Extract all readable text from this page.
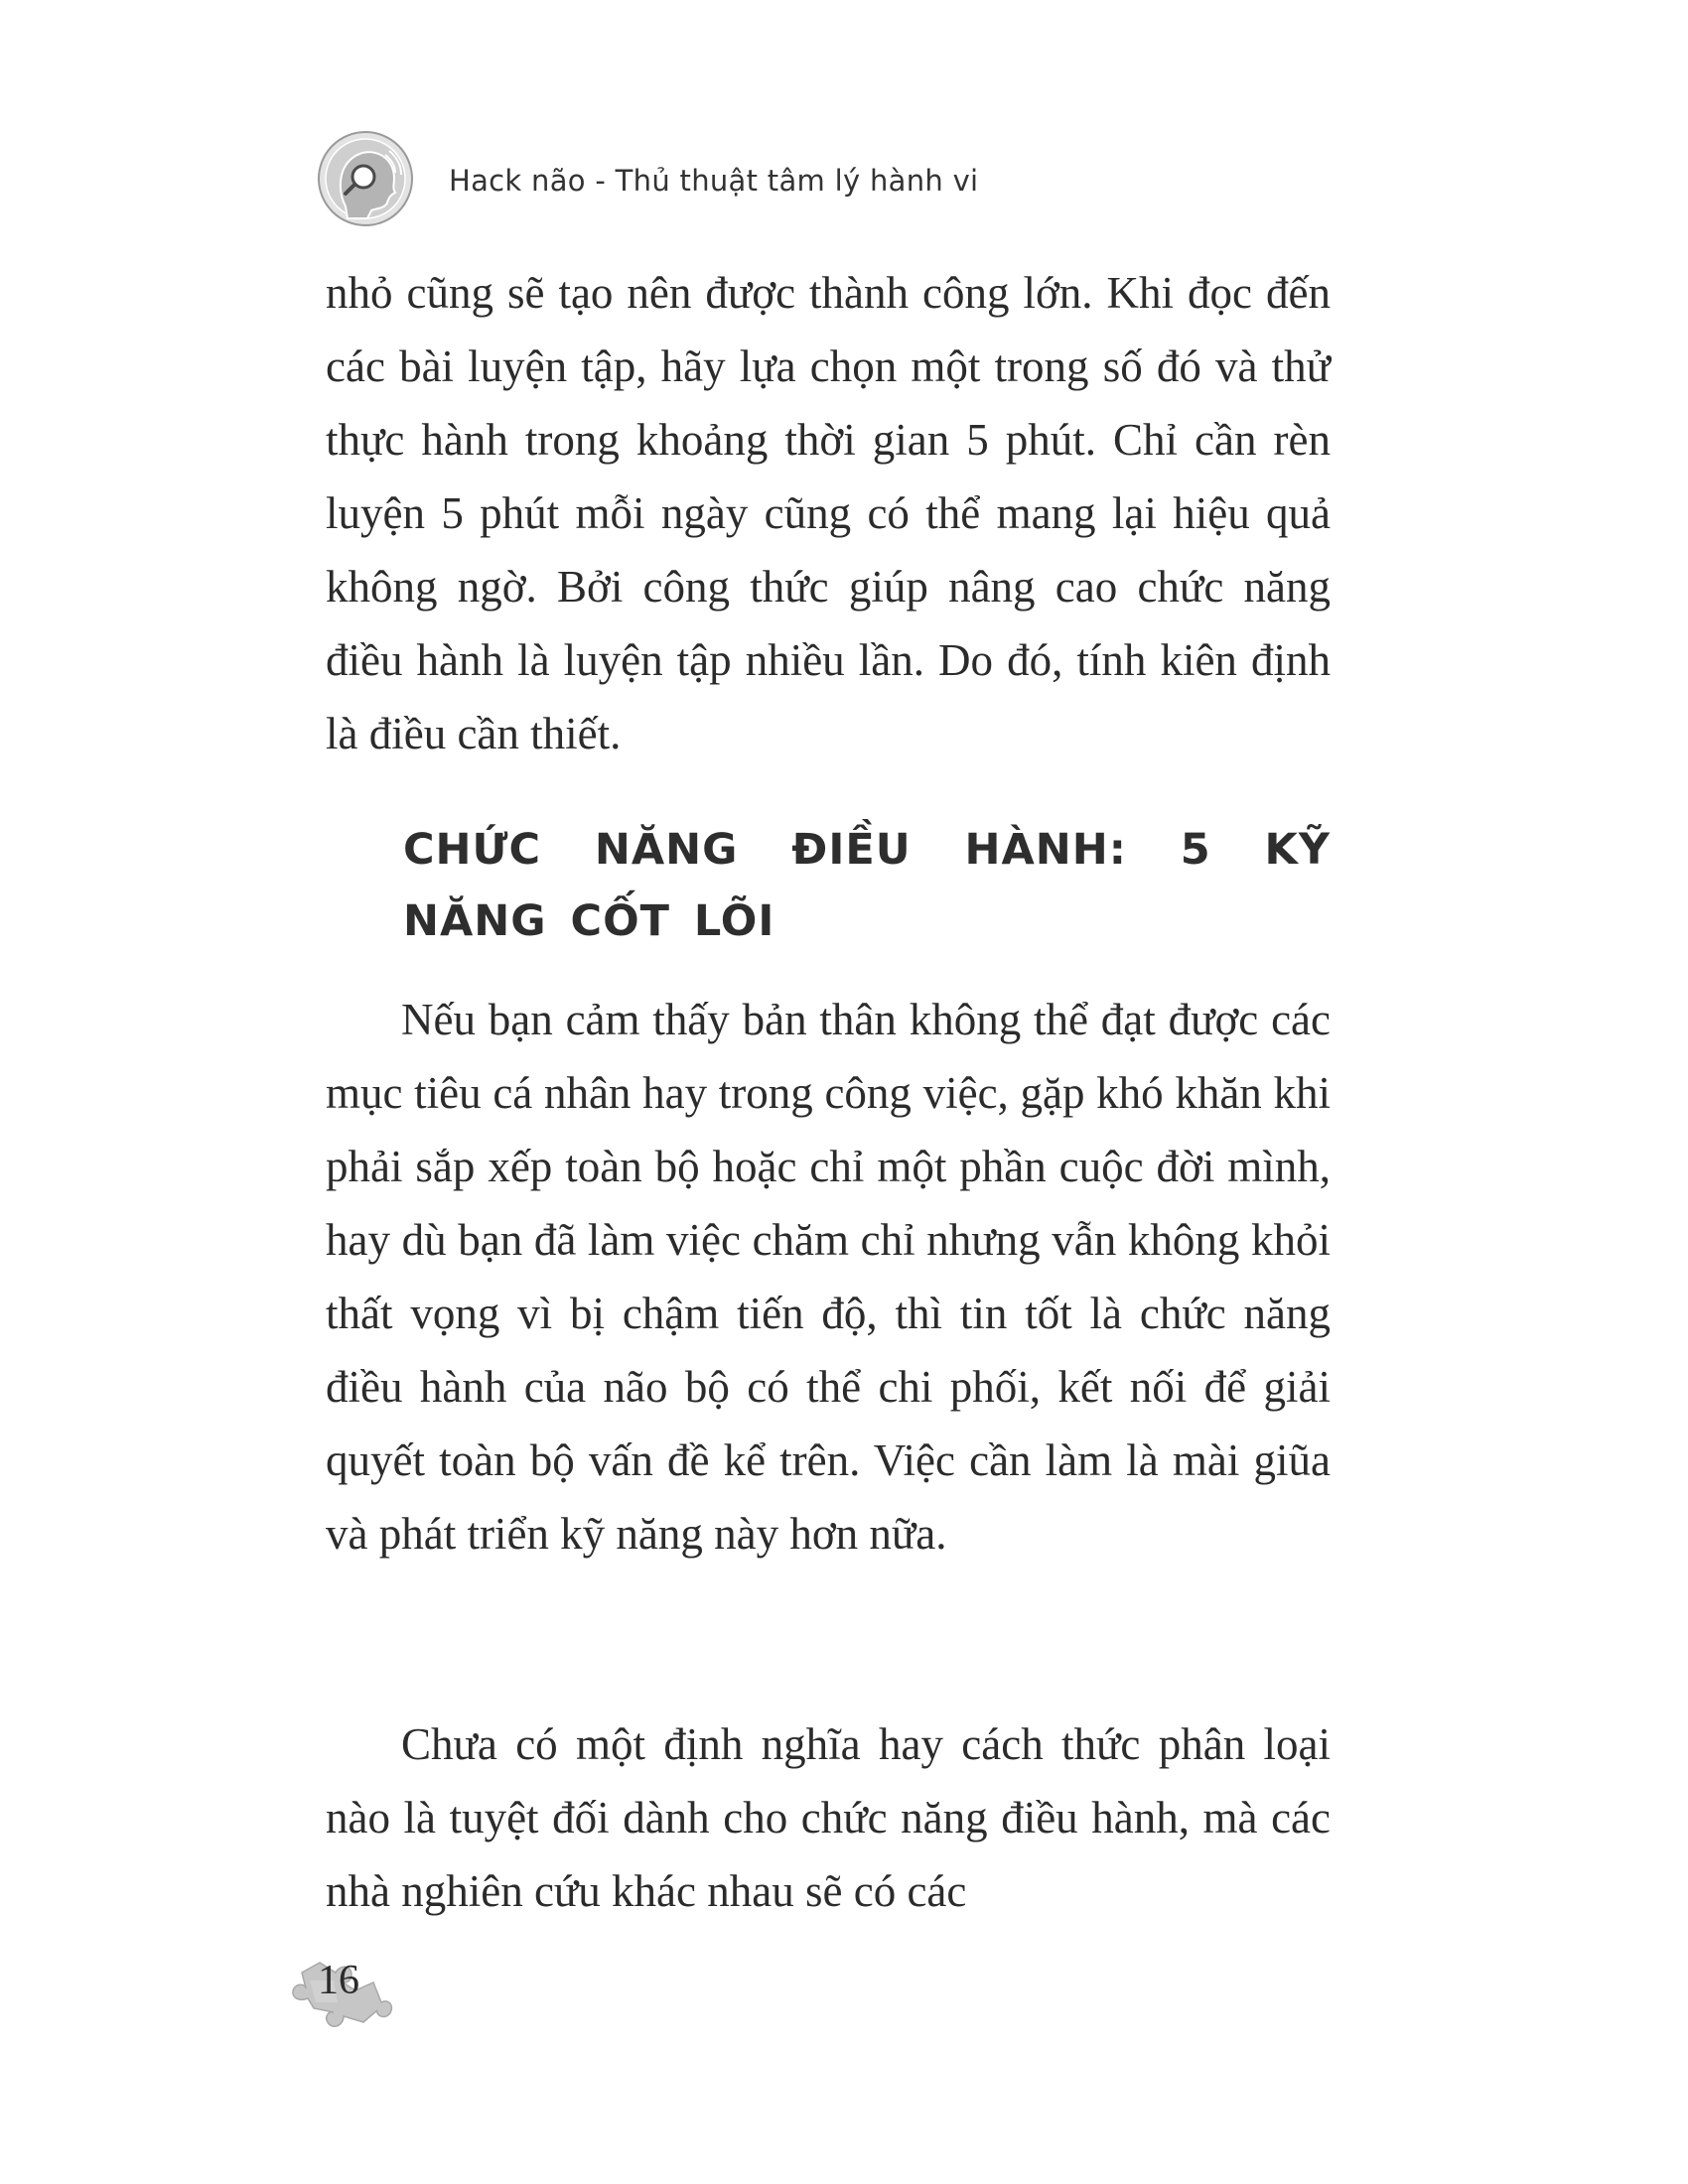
Hack não - Thủ thuật tâm lý hành vi

nhỏ cũng sẽ tạo nên được thành công lớn. Khi đọc đến các bài luyện tập, hãy lựa chọn một trong số đó và thử thực hành trong khoảng thời gian 5 phút. Chỉ cần rèn luyện 5 phút mỗi ngày cũng có thể mang lại hiệu quả không ngờ. Bởi công thức giúp nâng cao chức năng điều hành là luyện tập nhiều lần. Do đó, tính kiên định là điều cần thiết.

CHỨC NĂNG ĐIỀU HÀNH: 5 KỸ NĂNG CỐT LÕI

Nếu bạn cảm thấy bản thân không thể đạt được các mục tiêu cá nhân hay trong công việc, gặp khó khăn khi phải sắp xếp toàn bộ hoặc chỉ một phần cuộc đời mình, hay dù bạn đã làm việc chăm chỉ nhưng vẫn không khỏi thất vọng vì bị chậm tiến độ, thì tin tốt là chức năng điều hành của não bộ có thể chi phối, kết nối để giải quyết toàn bộ vấn đề kể trên. Việc cần làm là mài giũa và phát triển kỹ năng này hơn nữa.

Chưa có một định nghĩa hay cách thức phân loại nào là tuyệt đối dành cho chức năng điều hành, mà các nhà nghiên cứu khác nhau sẽ có các

16
